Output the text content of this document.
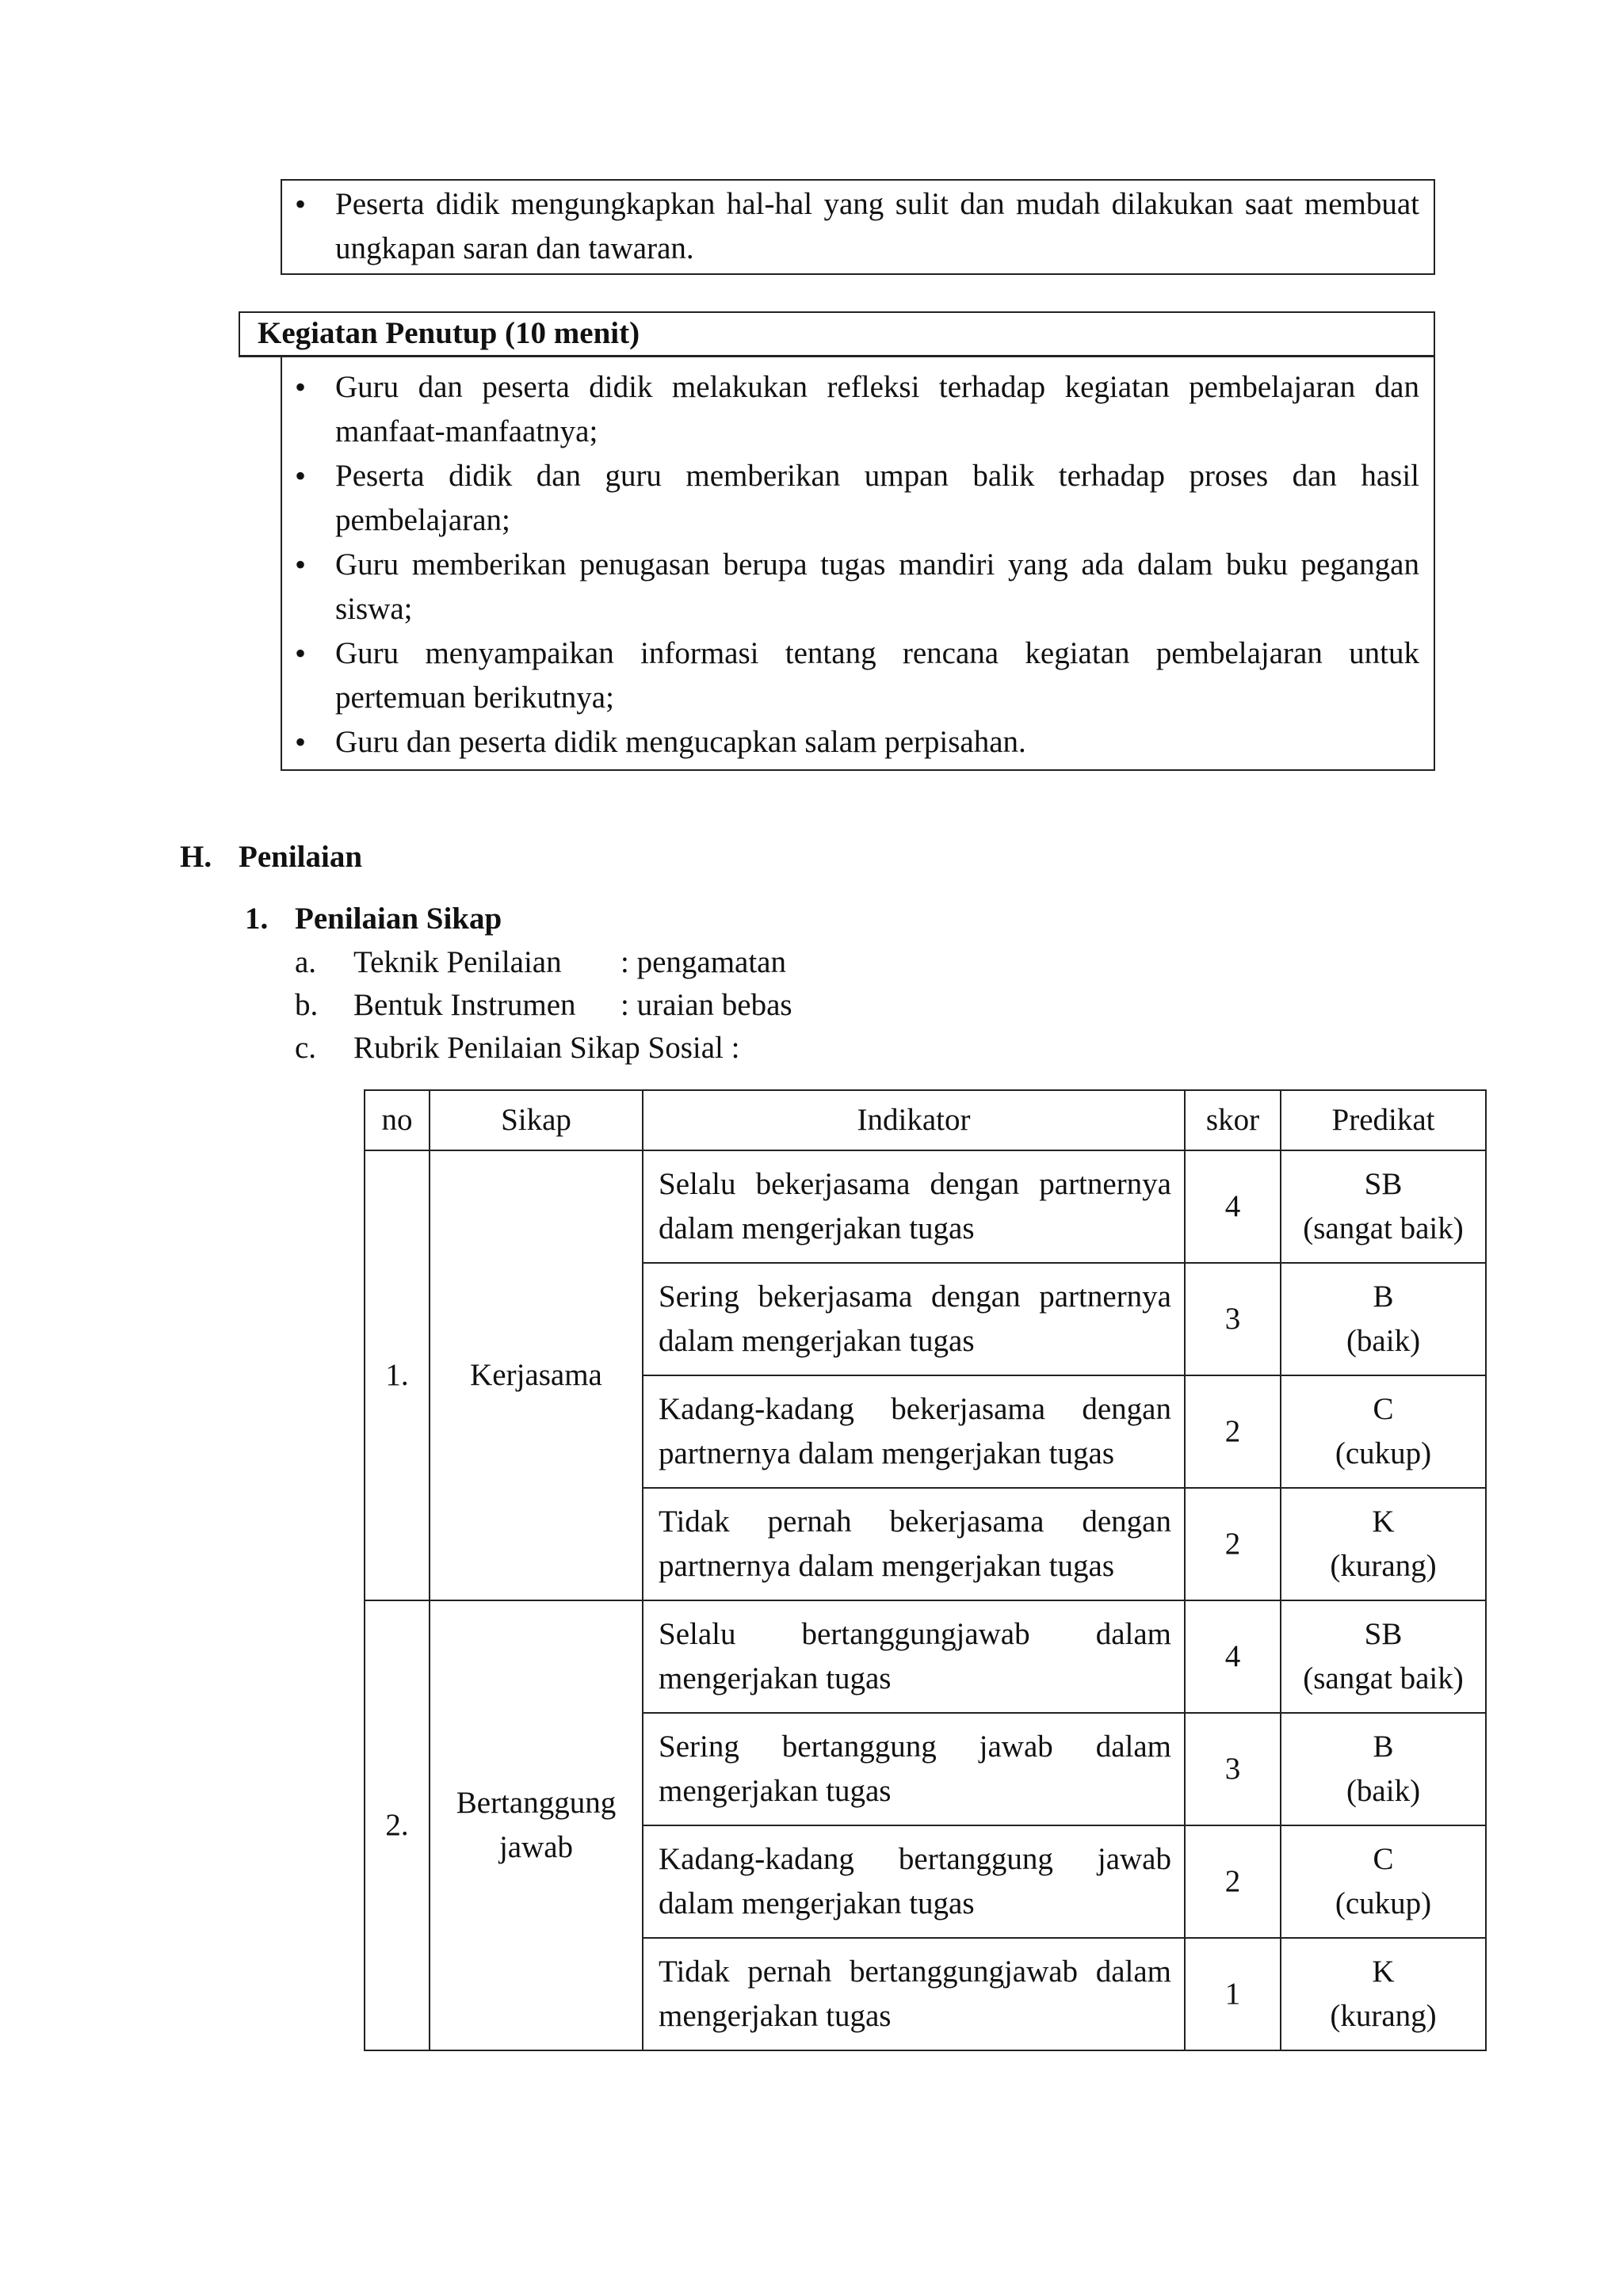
• Peserta didik mengungkapkan hal-hal yang sulit dan mudah dilakukan saat membuat ungkapan saran dan tawaran.
Kegiatan Penutup (10 menit)
• Guru dan peserta didik melakukan refleksi terhadap kegiatan pembelajaran dan manfaat-manfaatnya;
• Peserta didik dan guru memberikan umpan balik terhadap proses dan hasil pembelajaran;
• Guru memberikan penugasan berupa tugas mandiri yang ada dalam buku pegangan siswa;
• Guru menyampaikan informasi tentang rencana kegiatan pembelajaran untuk pertemuan berikutnya;
• Guru dan peserta didik mengucapkan salam perpisahan.
H. Penilaian
1. Penilaian Sikap
a. Teknik Penilaian : pengamatan
b. Bentuk Instrumen : uraian bebas
c. Rubrik Penilaian Sikap Sosial :
no	Sikap	Indikator	skor	Predikat
1.	Kerjasama	Selalu bekerjasama dengan partnernya dalam mengerjakan tugas	4	SB
(sangat baik)

		Sering bekerjasama dengan partnernya dalam mengerjakan tugas	3	B
(baik)

		Kadang-kadang bekerjasama dengan partnernya dalam mengerjakan tugas	2	C
(cukup)

		Tidak pernah bekerjasama dengan partnernya dalam mengerjakan tugas	2	K
(kurang)

2.	Bertanggung jawab	Selalu bertanggungjawab dalam mengerjakan tugas	4	SB
(sangat baik)

		Sering bertanggung jawab dalam mengerjakan tugas	3	B
(baik)

		Kadang-kadang bertanggung jawab dalam mengerjakan tugas	2	C
(cukup)

		Tidak pernah bertanggungjawab dalam mengerjakan tugas	1	K
(kurang)
